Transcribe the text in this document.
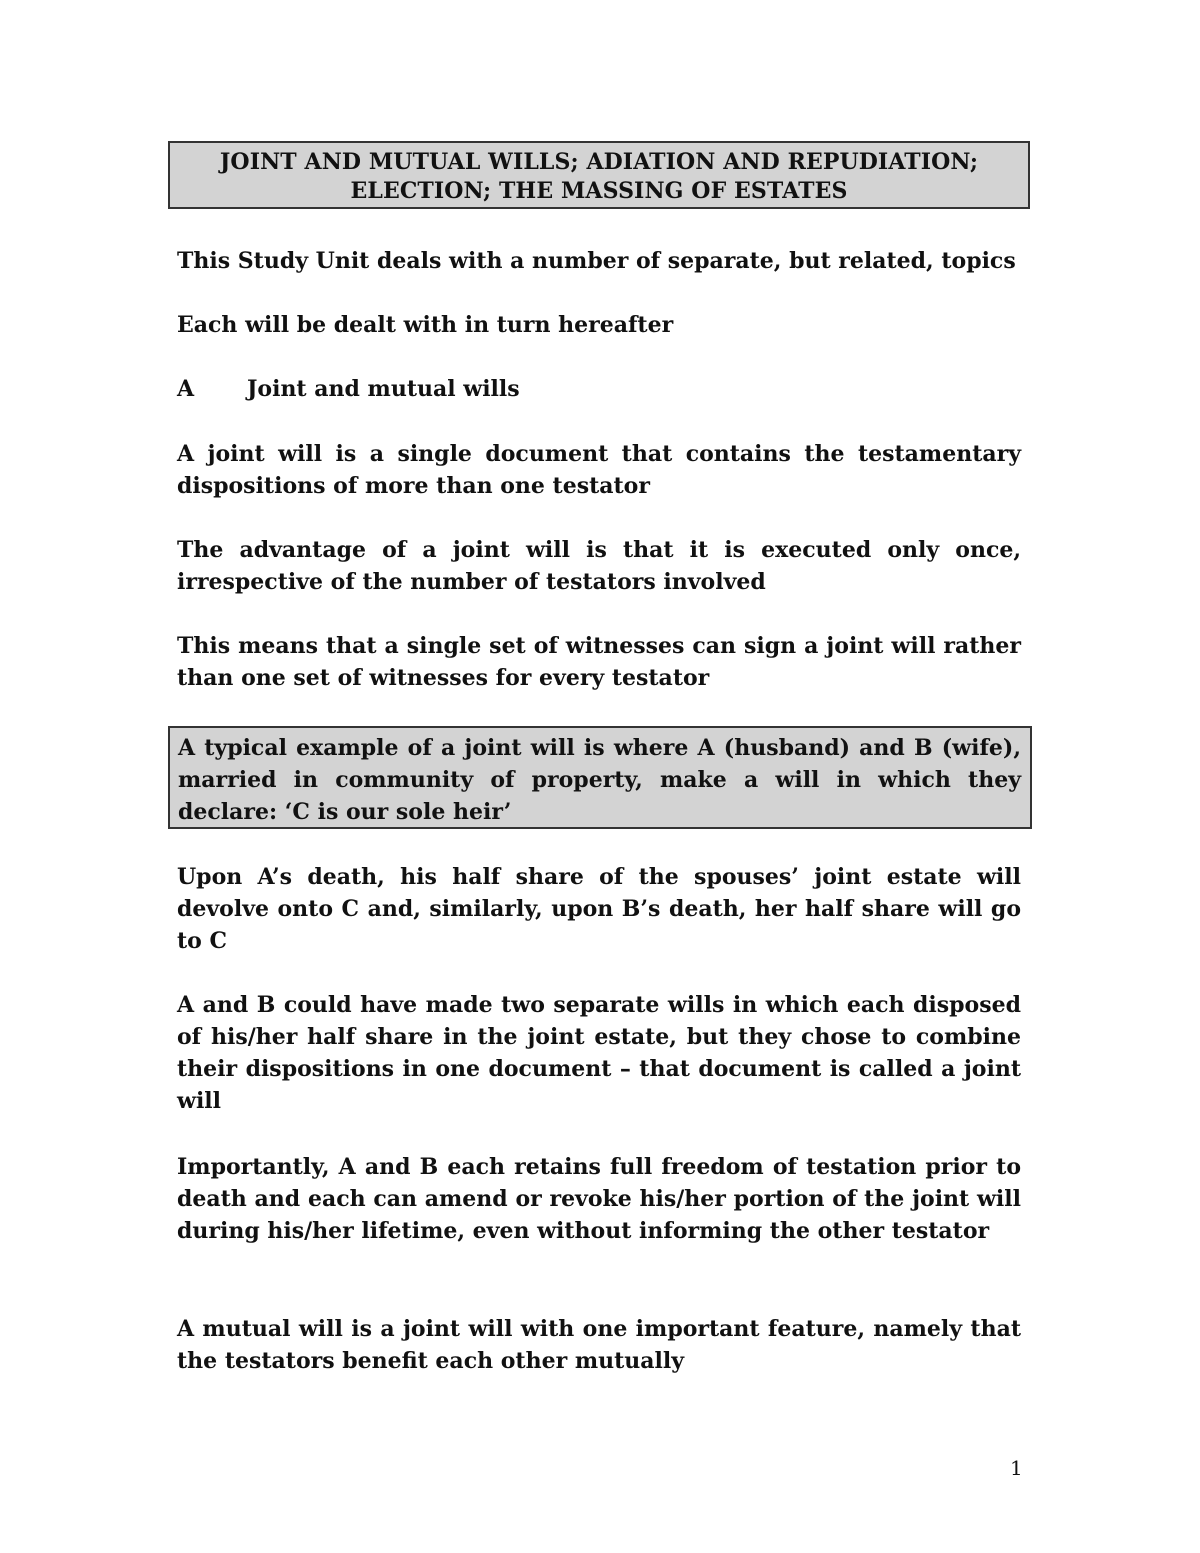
JOINT AND MUTUAL WILLS; ADIATION AND REPUDIATION;
ELECTION; THE MASSING OF ESTATES

This Study Unit deals with a number of separate, but related, topics

Each will be dealt with in turn hereafter

A Joint and mutual wills

A joint will is a single document that contains the testamentary dispositions of more than one testator

The advantage of a joint will is that it is executed only once, irrespective of the number of testators involved

This means that a single set of witnesses can sign a joint will rather than one set of witnesses for every testator

A typical example of a joint will is where A (husband) and B (wife), married in community of property, make a will in which they declare: ‘C is our sole heir’

Upon A’s death, his half share of the spouses’ joint estate will devolve onto C and, similarly, upon B’s death, her half share will go to C

A and B could have made two separate wills in which each disposed of his/her half share in the joint estate, but they chose to combine their dispositions in one document – that document is called a joint will

Importantly, A and B each retains full freedom of testation prior to death and each can amend or revoke his/her portion of the joint will during his/her lifetime, even without informing the other testator

A mutual will is a joint will with one important feature, namely that the testators benefit each other mutually

1
